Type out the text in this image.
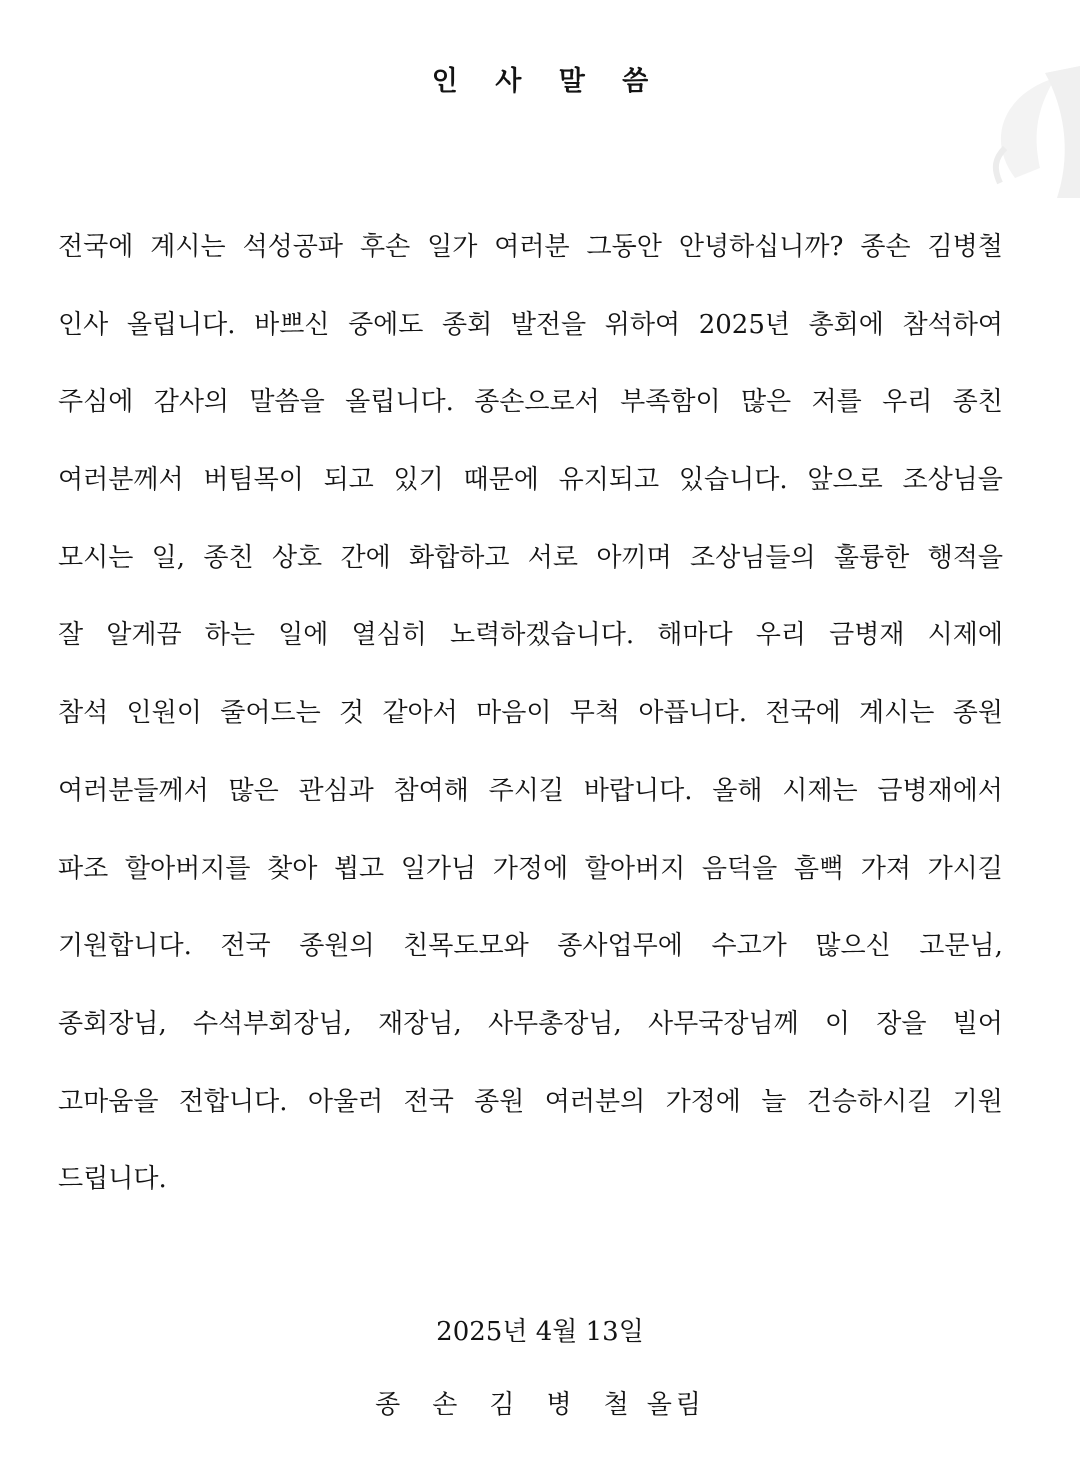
인 사 말 씀
전국에 계시는 석성공파 후손 일가 여러분 그동안 안녕하십니까? 종손 김병철
인사 올립니다. 바쁘신 중에도 종회 발전을 위하여 2025년 총회에 참석하여
주심에 감사의 말씀을 올립니다. 종손으로서 부족함이 많은 저를 우리 종친
여러분께서 버팀목이 되고 있기 때문에 유지되고 있습니다. 앞으로 조상님을
모시는 일, 종친 상호 간에 화합하고 서로 아끼며 조상님들의 훌륭한 행적을
잘 알게끔 하는 일에 열심히 노력하겠습니다. 해마다 우리 금병재 시제에
참석 인원이 줄어드는 것 같아서 마음이 무척 아픕니다. 전국에 계시는 종원
여러분들께서 많은 관심과 참여해 주시길 바랍니다. 올해 시제는 금병재에서
파조 할아버지를 찾아 뵙고 일가님 가정에 할아버지 음덕을 흠뻑 가져 가시길
기원합니다. 전국 종원의 친목도모와 종사업무에 수고가 많으신 고문님,
종회장님, 수석부회장님, 재장님, 사무총장님, 사무국장님께 이 장을 빌어
고마움을 전합니다. 아울러 전국 종원 여러분의 가정에 늘 건승하시길 기원
드립니다.

2025년 4월 13일

종 손 김 병 철 올림
